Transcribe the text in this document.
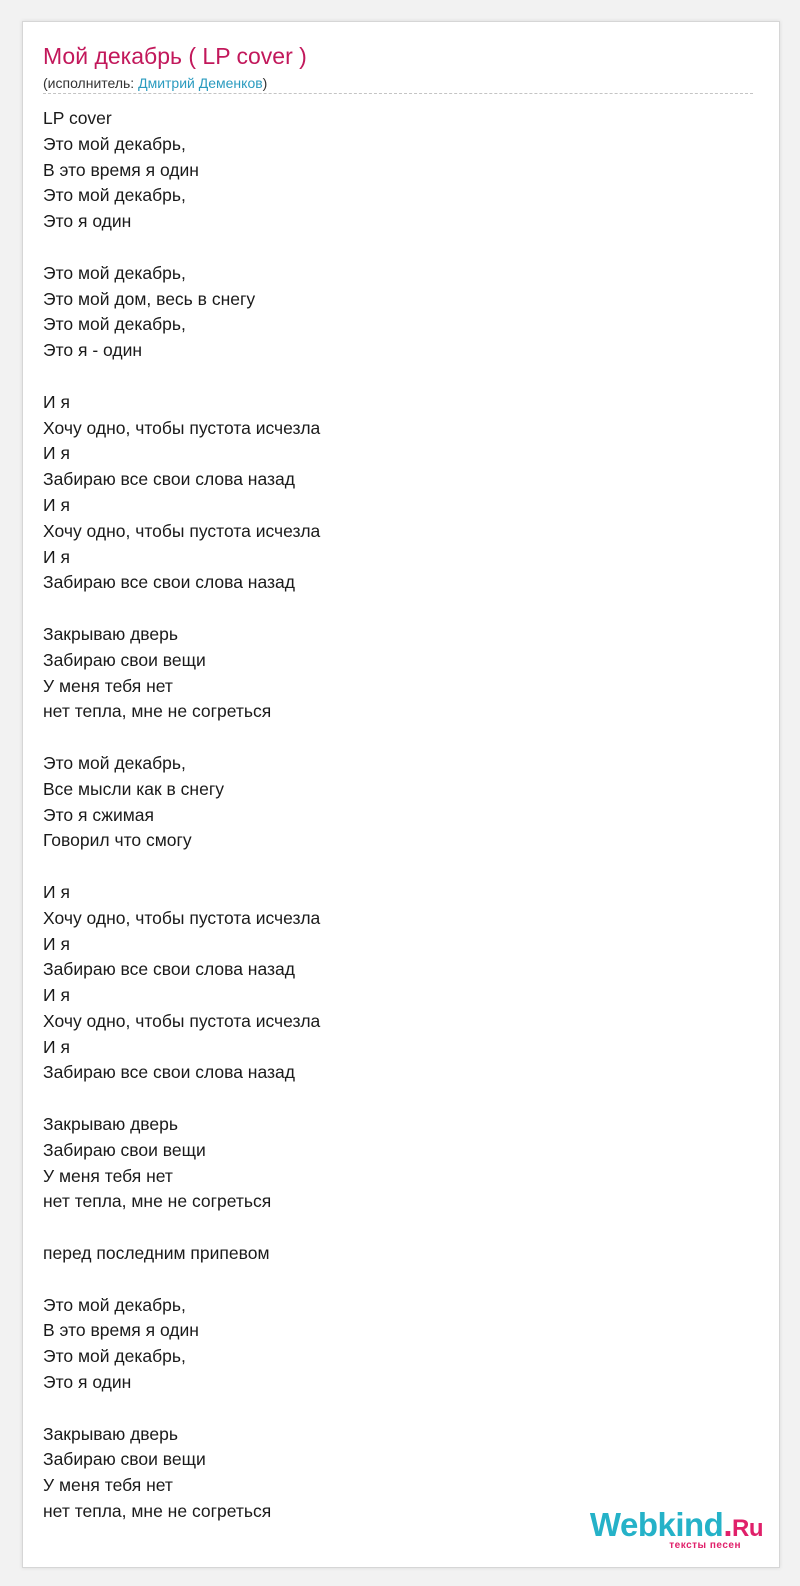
Мой декабрь ( LP cover )
(исполнитель: Дмитрий Деменков)
LP cover
Это мой декабрь,
В это время я один
Это мой декабрь,
Это я один
Это мой декабрь,
Это мой дом, весь в снегу
Это мой декабрь,
Это я - один
И я
Хочу одно, чтобы пустота исчезла
И я
Забираю все свои слова назад
И я
Хочу одно, чтобы пустота исчезла
И я
Забираю все свои слова назад
Закрываю дверь
Забираю свои вещи
У меня тебя нет
нет тепла, мне не согреться
Это мой декабрь,
Все мысли как в снегу
Это я сжимая
Говорил что смогу
И я
Хочу одно, чтобы пустота исчезла
И я
Забираю все свои слова назад
И я
Хочу одно, чтобы пустота исчезла
И я
Забираю все свои слова назад
Закрываю дверь
Забираю свои вещи
У меня тебя нет
нет тепла, мне не согреться
перед последним припевом
Это мой декабрь,
В это время я один
Это мой декабрь,
Это я один
Закрываю дверь
Забираю свои вещи
У меня тебя нет
нет тепла, мне не согреться	Webkind.Ru
тексты песен
